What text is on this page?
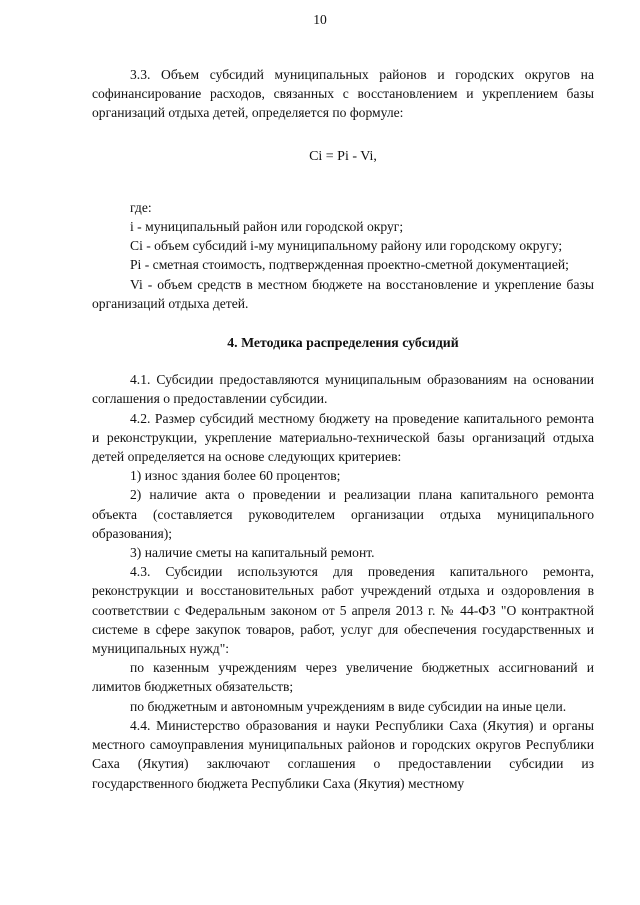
10

3.3. Объем субсидий муниципальных районов и городских округов на софинансирование расходов, связанных с восстановлением и укреплением базы организаций отдыха детей, определяется по формуле:

Ci = Pi - Vi,

где:

i - муниципальный район или городской округ;

Ci - объем субсидий i-му муниципальному району или городскому округу;

Pi - сметная стоимость, подтвержденная проектно-сметной документацией;

Vi - объем средств в местном бюджете на восстановление и укрепление базы организаций отдыха детей.

4. Методика распределения субсидий

4.1. Субсидии предоставляются муниципальным образованиям на основании соглашения о предоставлении субсидии.

4.2. Размер субсидий местному бюджету на проведение капитального ремонта и реконструкции, укрепление материально-технической базы организаций отдыха детей определяется на основе следующих критериев:

1) износ здания более 60 процентов;

2) наличие акта о проведении и реализации плана капитального ремонта объекта (составляется руководителем организации отдыха муниципального образования);

3) наличие сметы на капитальный ремонт.

4.3. Субсидии используются для проведения капитального ремонта, реконструкции и восстановительных работ учреждений отдыха и оздоровления в соответствии с Федеральным законом от 5 апреля 2013 г. № 44-ФЗ "О контрактной системе в сфере закупок товаров, работ, услуг для обеспечения государственных и муниципальных нужд":

по казенным учреждениям через увеличение бюджетных ассигнований и лимитов бюджетных обязательств;

по бюджетным и автономным учреждениям в виде субсидии на иные цели.

4.4. Министерство образования и науки Республики Саха (Якутия) и органы местного самоуправления муниципальных районов и городских округов Республики Саха (Якутия) заключают соглашения о предоставлении субсидии из государственного бюджета Республики Саха (Якутия) местному
